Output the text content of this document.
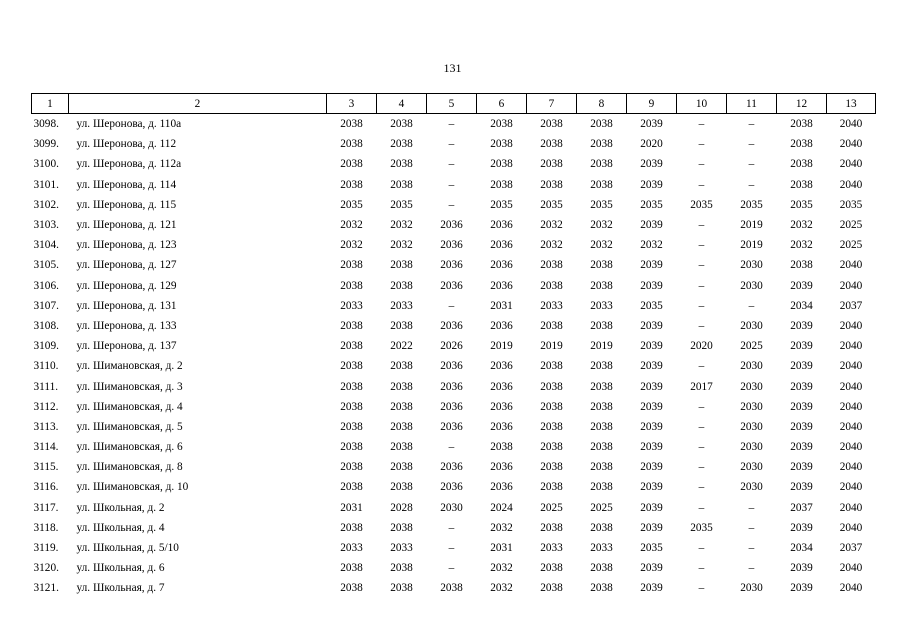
131
1	2	3	4	5	6	7	8	9	10	11	12	13
3098.	ул. Шеронова, д. 110а	2038	2038	–	2038	2038	2038	2039	–	–	2038	2040
3099.	ул. Шеронова, д. 112	2038	2038	–	2038	2038	2038	2020	–	–	2038	2040
3100.	ул. Шеронова, д. 112а	2038	2038	–	2038	2038	2038	2039	–	–	2038	2040
3101.	ул. Шеронова, д. 114	2038	2038	–	2038	2038	2038	2039	–	–	2038	2040
3102.	ул. Шеронова, д. 115	2035	2035	–	2035	2035	2035	2035	2035	2035	2035	2035
3103.	ул. Шеронова, д. 121	2032	2032	2036	2036	2032	2032	2039	–	2019	2032	2025
3104.	ул. Шеронова, д. 123	2032	2032	2036	2036	2032	2032	2032	–	2019	2032	2025
3105.	ул. Шеронова, д. 127	2038	2038	2036	2036	2038	2038	2039	–	2030	2038	2040
3106.	ул. Шеронова, д. 129	2038	2038	2036	2036	2038	2038	2039	–	2030	2039	2040
3107.	ул. Шеронова, д. 131	2033	2033	–	2031	2033	2033	2035	–	–	2034	2037
3108.	ул. Шеронова, д. 133	2038	2038	2036	2036	2038	2038	2039	–	2030	2039	2040
3109.	ул. Шеронова, д. 137	2038	2022	2026	2019	2019	2019	2039	2020	2025	2039	2040
3110.	ул. Шимановская, д. 2	2038	2038	2036	2036	2038	2038	2039	–	2030	2039	2040
3111.	ул. Шимановская, д. 3	2038	2038	2036	2036	2038	2038	2039	2017	2030	2039	2040
3112.	ул. Шимановская, д. 4	2038	2038	2036	2036	2038	2038	2039	–	2030	2039	2040
3113.	ул. Шимановская, д. 5	2038	2038	2036	2036	2038	2038	2039	–	2030	2039	2040
3114.	ул. Шимановская, д. 6	2038	2038	–	2038	2038	2038	2039	–	2030	2039	2040
3115.	ул. Шимановская, д. 8	2038	2038	2036	2036	2038	2038	2039	–	2030	2039	2040
3116.	ул. Шимановская, д. 10	2038	2038	2036	2036	2038	2038	2039	–	2030	2039	2040
3117.	ул. Школьная, д. 2	2031	2028	2030	2024	2025	2025	2039	–	–	2037	2040
3118.	ул. Школьная, д. 4	2038	2038	–	2032	2038	2038	2039	2035	–	2039	2040
3119.	ул. Школьная, д. 5/10	2033	2033	–	2031	2033	2033	2035	–	–	2034	2037
3120.	ул. Школьная, д. 6	2038	2038	–	2032	2038	2038	2039	–	–	2039	2040
3121.	ул. Школьная, д. 7	2038	2038	2038	2032	2038	2038	2039	–	2030	2039	2040
